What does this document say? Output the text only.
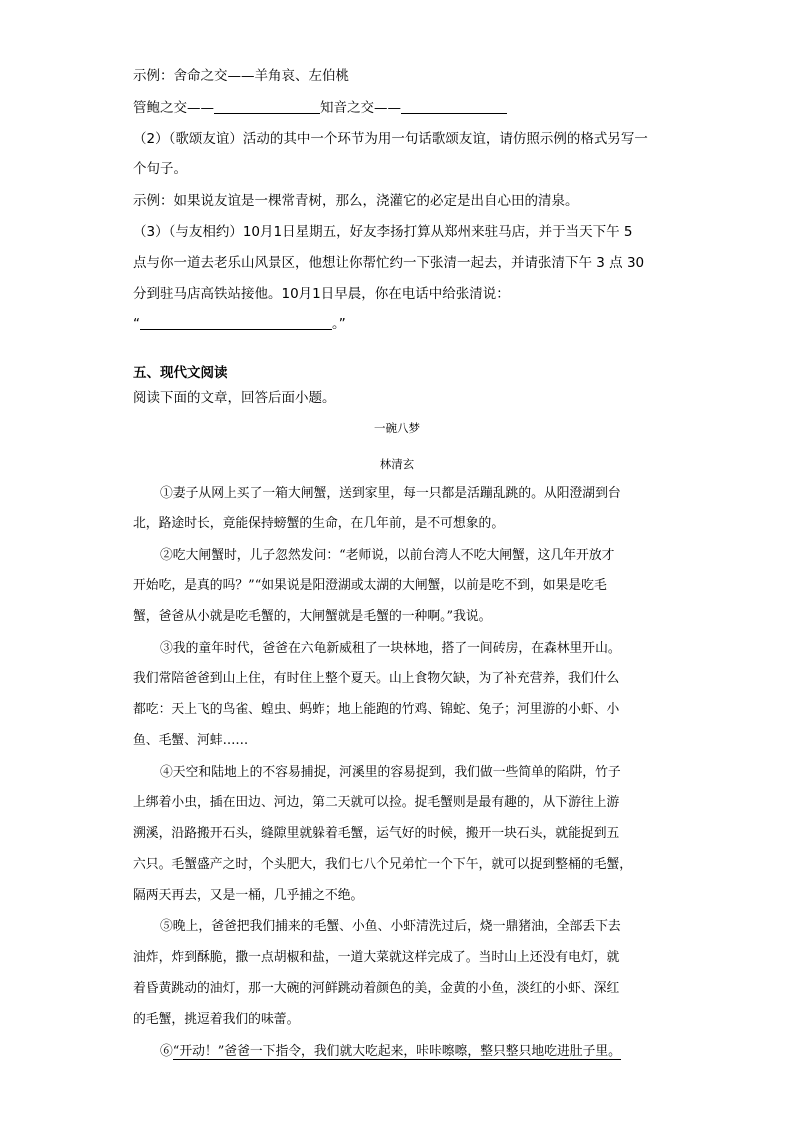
示例：舍命之交——羊角哀、左伯桃
管鲍之交——	知音之交——
（2）（歌颂友谊）活动的其中一个环节为用一句话歌颂友谊，请仿照示例的格式另写一
个句子。
示例：如果说友谊是一棵常青树，那么，浇灌它的必定是出自心田的清泉。
（3）（与友相约）10月1日星期五，好友李扬打算从郑州来驻马店，并于当天下午 5
点与你一道去老乐山风景区，他想让你帮忙约一下张清一起去，并请张清下午 3 点 30
分到驻马店高铁站接他。10月1日早晨，你在电话中给张清说：
“	。”
五、现代文阅读
阅读下面的文章，回答后面小题。
一碗八梦
林清玄
①妻子从网上买了一箱大闸蟹，送到家里，每一只都是活蹦乱跳的。从阳澄湖到台
北，路途时长，竟能保持螃蟹的生命，在几年前，是不可想象的。
②吃大闸蟹时，儿子忽然发问：“老师说，以前台湾人不吃大闸蟹，这几年开放才
开始吃，是真的吗？”“如果说是阳澄湖或太湖的大闸蟹，以前是吃不到，如果是吃毛
蟹，爸爸从小就是吃毛蟹的，大闸蟹就是毛蟹的一种啊。”我说。
③我的童年时代，爸爸在六龟新威租了一块林地，搭了一间砖房，在森林里开山。
我们常陪爸爸到山上住，有时住上整个夏天。山上食物欠缺，为了补充营养，我们什么
都吃：天上飞的鸟雀、蝗虫、蚂蚱；地上能跑的竹鸡、锦蛇、兔子；河里游的小虾、小
鱼、毛蟹、河蚌……
④天空和陆地上的不容易捕捉，河溪里的容易捉到，我们做一些简单的陷阱，竹子
上绑着小虫，插在田边、河边，第二天就可以捡。捉毛蟹则是最有趣的，从下游往上游
溯溪，沿路搬开石头，缝隙里就躲着毛蟹，运气好的时候，搬开一块石头，就能捉到五
六只。毛蟹盛产之时，个头肥大，我们七八个兄弟忙一个下午，就可以捉到整桶的毛蟹，
隔两天再去，又是一桶，几乎捕之不绝。
⑤晚上，爸爸把我们捕来的毛蟹、小鱼、小虾清洗过后，烧一鼎猪油，全部丢下去
油炸，炸到酥脆，撒一点胡椒和盐，一道大菜就这样完成了。当时山上还没有电灯，就
着昏黄跳动的油灯，那一大碗的河鲜跳动着颜色的美，金黄的小鱼，淡红的小虾、深红
的毛蟹，挑逗着我们的味蕾。
⑥“开动！”爸爸一下指令，我们就大吃起来，咔咔嚓嚓，整只整只地吃进肚子里。
